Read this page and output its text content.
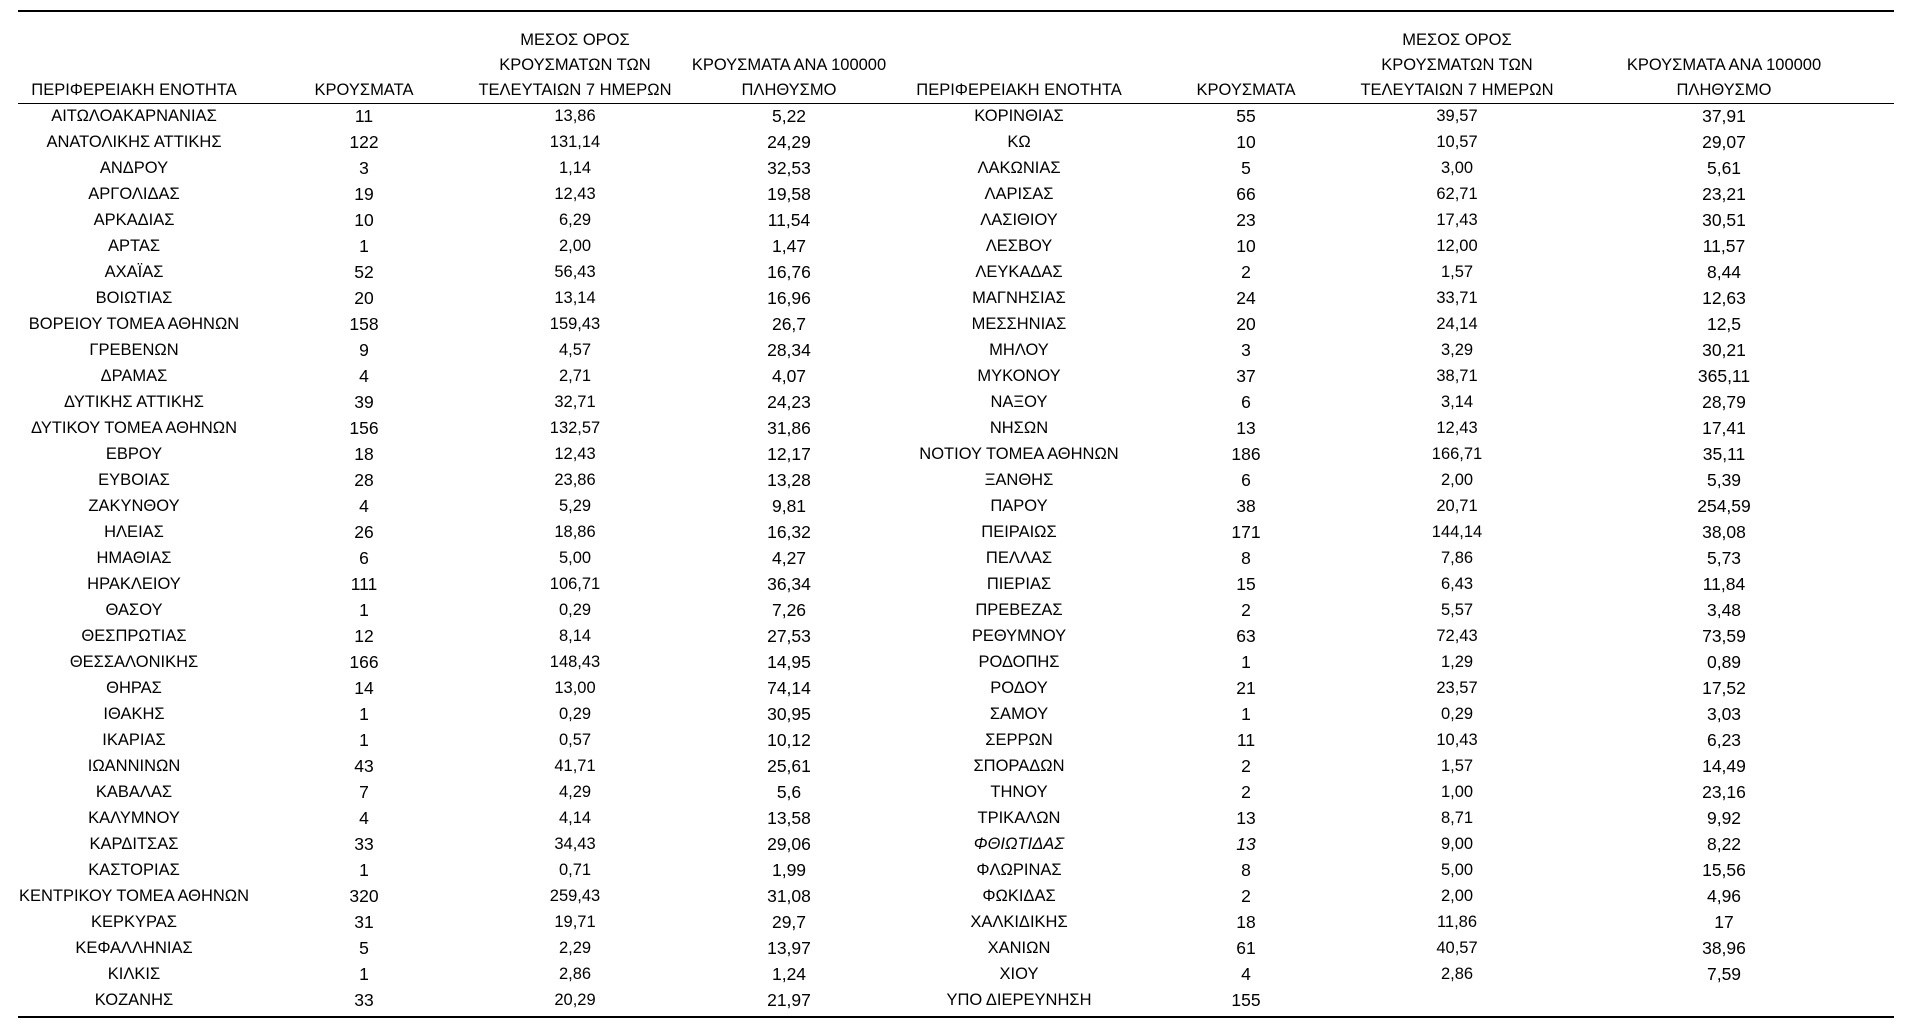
ΠΕΡΙΦΕΡΕΙΑΚΗ ΕΝΟΤΗΤΑ	ΚΡΟΥΣΜΑΤΑ	ΜΕΣΟΣ ΟΡΟΣ
ΚΡΟΥΣΜΑΤΩΝ ΤΩΝ
ΤΕΛΕΥΤΑΙΩΝ 7 ΗΜΕΡΩΝ	ΚΡΟΥΣΜΑΤΑ ΑΝΑ 100000
ΠΛΗΘΥΣΜΟ	ΠΕΡΙΦΕΡΕΙΑΚΗ ΕΝΟΤΗΤΑ	ΚΡΟΥΣΜΑΤΑ	ΜΕΣΟΣ ΟΡΟΣ
ΚΡΟΥΣΜΑΤΩΝ ΤΩΝ
ΤΕΛΕΥΤΑΙΩΝ 7 ΗΜΕΡΩΝ	ΚΡΟΥΣΜΑΤΑ ΑΝΑ 100000
ΠΛΗΘΥΣΜΟ

ΑΙΤΩΛΟΑΚΑΡΝΑΝΙΑΣ	11	13,86	5,22	ΚΟΡΙΝΘΙΑΣ	55	39,57	37,91
ΑΝΑΤΟΛΙΚΗΣ ΑΤΤΙΚΗΣ	122	131,14	24,29	ΚΩ	10	10,57	29,07
ΑΝΔΡΟΥ	3	1,14	32,53	ΛΑΚΩΝΙΑΣ	5	3,00	5,61
ΑΡΓΟΛΙΔΑΣ	19	12,43	19,58	ΛΑΡΙΣΑΣ	66	62,71	23,21
ΑΡΚΑΔΙΑΣ	10	6,29	11,54	ΛΑΣΙΘΙΟΥ	23	17,43	30,51
ΑΡΤΑΣ	1	2,00	1,47	ΛΕΣΒΟΥ	10	12,00	11,57
ΑΧΑΪΑΣ	52	56,43	16,76	ΛΕΥΚΑΔΑΣ	2	1,57	8,44
ΒΟΙΩΤΙΑΣ	20	13,14	16,96	ΜΑΓΝΗΣΙΑΣ	24	33,71	12,63
ΒΟΡΕΙΟΥ ΤΟΜΕΑ ΑΘΗΝΩΝ	158	159,43	26,7	ΜΕΣΣΗΝΙΑΣ	20	24,14	12,5
ΓΡΕΒΕΝΩΝ	9	4,57	28,34	ΜΗΛΟΥ	3	3,29	30,21
ΔΡΑΜΑΣ	4	2,71	4,07	ΜΥΚΟΝΟΥ	37	38,71	365,11
ΔΥΤΙΚΗΣ ΑΤΤΙΚΗΣ	39	32,71	24,23	ΝΑΞΟΥ	6	3,14	28,79
ΔΥΤΙΚΟΥ ΤΟΜΕΑ ΑΘΗΝΩΝ	156	132,57	31,86	ΝΗΣΩΝ	13	12,43	17,41
ΕΒΡΟΥ	18	12,43	12,17	ΝΟΤΙΟΥ ΤΟΜΕΑ ΑΘΗΝΩΝ	186	166,71	35,11
ΕΥΒΟΙΑΣ	28	23,86	13,28	ΞΑΝΘΗΣ	6	2,00	5,39
ΖΑΚΥΝΘΟΥ	4	5,29	9,81	ΠΑΡΟΥ	38	20,71	254,59
ΗΛΕΙΑΣ	26	18,86	16,32	ΠΕΙΡΑΙΩΣ	171	144,14	38,08
ΗΜΑΘΙΑΣ	6	5,00	4,27	ΠΕΛΛΑΣ	8	7,86	5,73
ΗΡΑΚΛΕΙΟΥ	111	106,71	36,34	ΠΙΕΡΙΑΣ	15	6,43	11,84
ΘΑΣΟΥ	1	0,29	7,26	ΠΡΕΒΕΖΑΣ	2	5,57	3,48
ΘΕΣΠΡΩΤΙΑΣ	12	8,14	27,53	ΡΕΘΥΜΝΟΥ	63	72,43	73,59
ΘΕΣΣΑΛΟΝΙΚΗΣ	166	148,43	14,95	ΡΟΔΟΠΗΣ	1	1,29	0,89
ΘΗΡΑΣ	14	13,00	74,14	ΡΟΔΟΥ	21	23,57	17,52
ΙΘΑΚΗΣ	1	0,29	30,95	ΣΑΜΟΥ	1	0,29	3,03
ΙΚΑΡΙΑΣ	1	0,57	10,12	ΣΕΡΡΩΝ	11	10,43	6,23
ΙΩΑΝΝΙΝΩΝ	43	41,71	25,61	ΣΠΟΡΑΔΩΝ	2	1,57	14,49
ΚΑΒΑΛΑΣ	7	4,29	5,6	ΤΗΝΟΥ	2	1,00	23,16
ΚΑΛΥΜΝΟΥ	4	4,14	13,58	ΤΡΙΚΑΛΩΝ	13	8,71	9,92
ΚΑΡΔΙΤΣΑΣ	33	34,43	29,06	ΦΘΙΩΤΙΔΑΣ	13	9,00	8,22
ΚΑΣΤΟΡΙΑΣ	1	0,71	1,99	ΦΛΩΡΙΝΑΣ	8	5,00	15,56
ΚΕΝΤΡΙΚΟΥ ΤΟΜΕΑ ΑΘΗΝΩΝ	320	259,43	31,08	ΦΩΚΙΔΑΣ	2	2,00	4,96
ΚΕΡΚΥΡΑΣ	31	19,71	29,7	ΧΑΛΚΙΔΙΚΗΣ	18	11,86	17
ΚΕΦΑΛΛΗΝΙΑΣ	5	2,29	13,97	ΧΑΝΙΩΝ	61	40,57	38,96
ΚΙΛΚΙΣ	1	2,86	1,24	ΧΙΟΥ	4	2,86	7,59
ΚΟΖΑΝΗΣ	33	20,29	21,97	ΥΠΟ ΔΙΕΡΕΥΝΗΣΗ	155		
